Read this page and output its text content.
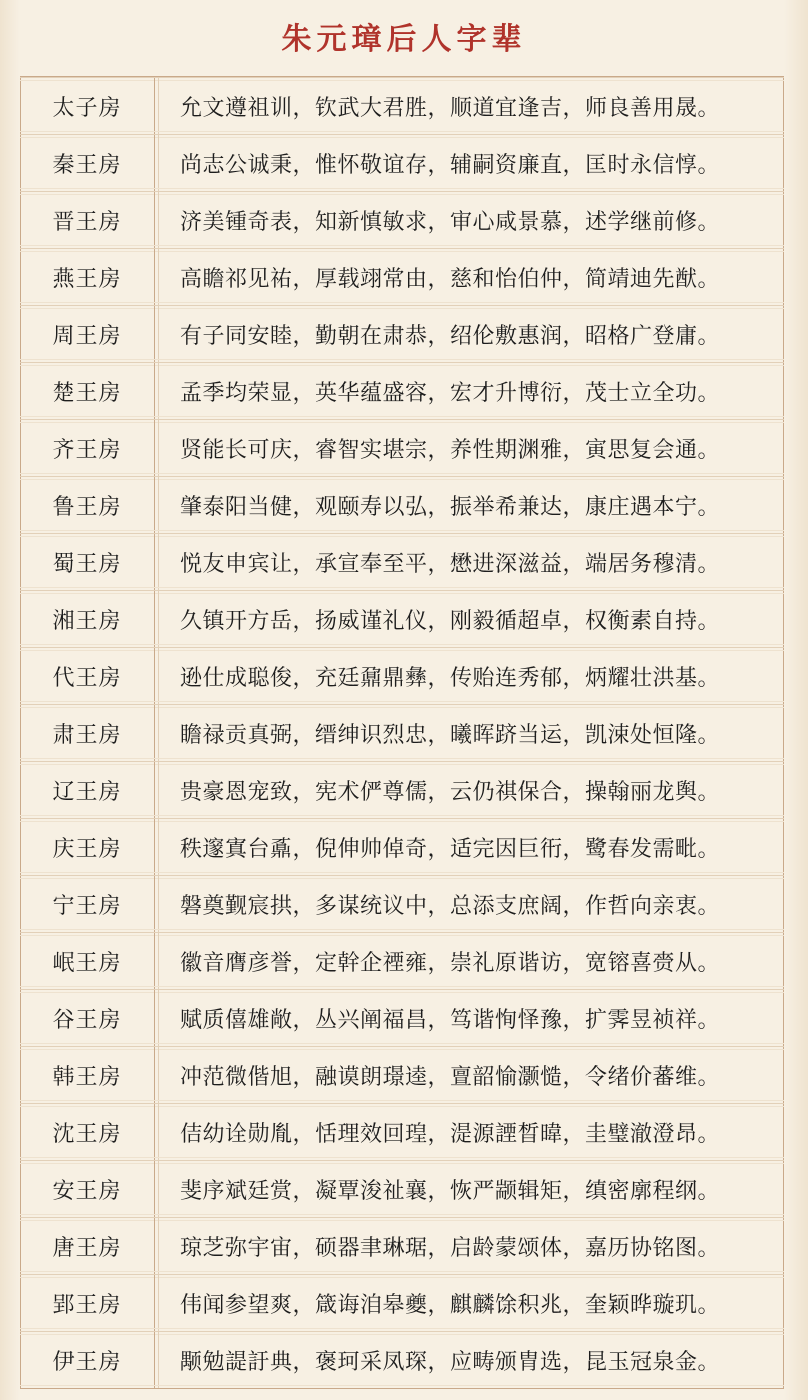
朱元璋后人字辈
太子房	允文遵祖训，钦武大君胜，顺道宜逢吉，师良善用晟。
秦王房	尚志公诚秉，惟怀敬谊存，辅嗣资廉直，匡时永信惇。
晋王房	济美锺奇表，知新慎敏求，审心咸景慕，述学继前修。
燕王房	高瞻祁见祐，厚载翊常由，慈和怡伯仲，简靖迪先猷。
周王房	有子同安睦，勤朝在肃恭，绍伦敷惠润，昭格广登庸。
楚王房	孟季均荣显，英华蕴盛容，宏才升博衍，茂士立全功。
齐王房	贤能长可庆，睿智实堪宗，养性期渊雅，寅思复会通。
鲁王房	肇泰阳当健，观颐寿以弘，振举希兼达，康庄遇本宁。
蜀王房	悦友申宾让，承宣奉至平，懋进深滋益，端居务穆清。
湘王房	久镇开方岳，扬威谨礼仪，刚毅循超卓，权衡素自持。
代王房	逊仕成聪俊，充廷鼐鼎彝，传贻连秀郁，炳耀壮洪基。
肃王房	瞻禄贡真弼，缙绅识烈忠，曦晖跻当运，凯涑处恒隆。
辽王房	贵豪恩宠致，宪术俨尊儒，云仍祺保合，操翰丽龙舆。
庆王房	秩邃寘台鼒，倪伸帅倬奇，适完因巨衎，鹭春发需毗。
宁王房	磐奠觐宸拱，多谋统议中，总添支庶阔，作哲向亲衷。
岷王房	徽音膺彦誉，定幹企禋雍，崇礼原谐访，宽镕喜赍从。
谷王房	赋质僖雄敞，丛兴阐福昌，笃谐恂怿豫，扩霁昱祯祥。
韩王房	冲范微偕旭，融谟朗璟逵，亶韶愉灏慥，令绪价蕃维。
沈王房	佶幼诠勋胤，恬理效回瑝，湜源諲晳暐，圭璧澈澄昂。
安王房	斐序斌廷赏，凝覃浚祉襄，恢严颛辑矩，缜密廓程纲。
唐王房	琼芝弥宇宙，硕器聿琳琚，启龄蒙颂体，嘉历协铭图。
郢王房	伟闻参望爽，箴诲洎皋夔，麒麟馀积兆，奎颖晔璇玑。
伊王房	颙勉諟訏典，褒珂采凤琛，应畴颁胄选，昆玉冠泉金。
